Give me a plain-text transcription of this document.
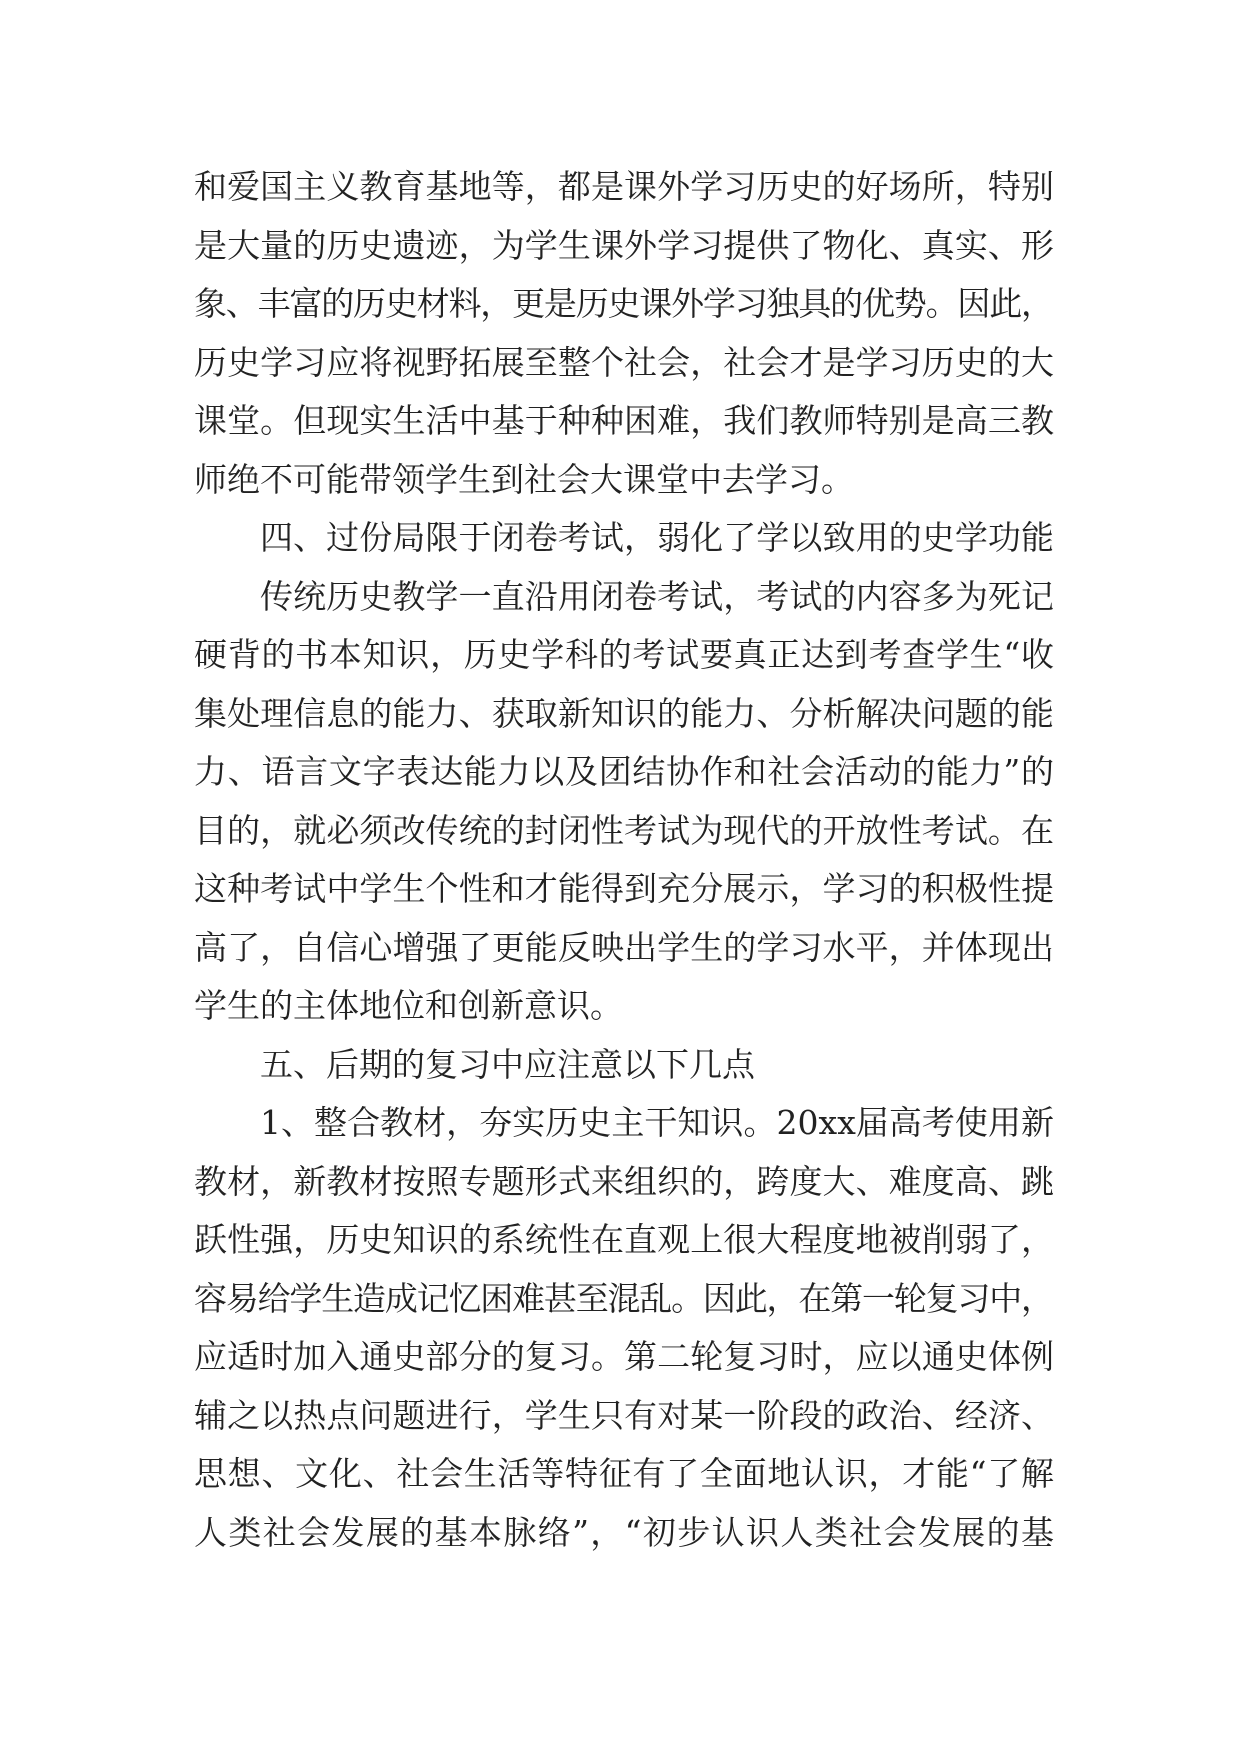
和爱国主义教育基地等，都是课外学习历史的好场所，特别
是大量的历史遗迹，为学生课外学习提供了物化、真实、形
象、丰富的历史材料，更是历史课外学习独具的优势。因此，
历史学习应将视野拓展至整个社会，社会才是学习历史的大
课堂。但现实生活中基于种种困难，我们教师特别是高三教
师绝不可能带领学生到社会大课堂中去学习。
四、过份局限于闭卷考试，弱化了学以致用的史学功能
传统历史教学一直沿用闭卷考试，考试的内容多为死记
硬背的书本知识，历史学科的考试要真正达到考查学生“收
集处理信息的能力、获取新知识的能力、分析解决问题的能
力、语言文字表达能力以及团结协作和社会活动的能力”的
目的，就必须改传统的封闭性考试为现代的开放性考试。在
这种考试中学生个性和才能得到充分展示，学习的积极性提
高了，自信心增强了更能反映出学生的学习水平，并体现出
学生的主体地位和创新意识。
五、后期的复习中应注意以下几点
1、整合教材，夯实历史主干知识。20xx届高考使用新
教材，新教材按照专题形式来组织的，跨度大、难度高、跳
跃性强，历史知识的系统性在直观上很大程度地被削弱了，
容易给学生造成记忆困难甚至混乱。因此，在第一轮复习中，
应适时加入通史部分的复习。第二轮复习时，应以通史体例
辅之以热点问题进行，学生只有对某一阶段的政治、经济、
思想、文化、社会生活等特征有了全面地认识，才能“了解
人类社会发展的基本脉络”，“初步认识人类社会发展的基
